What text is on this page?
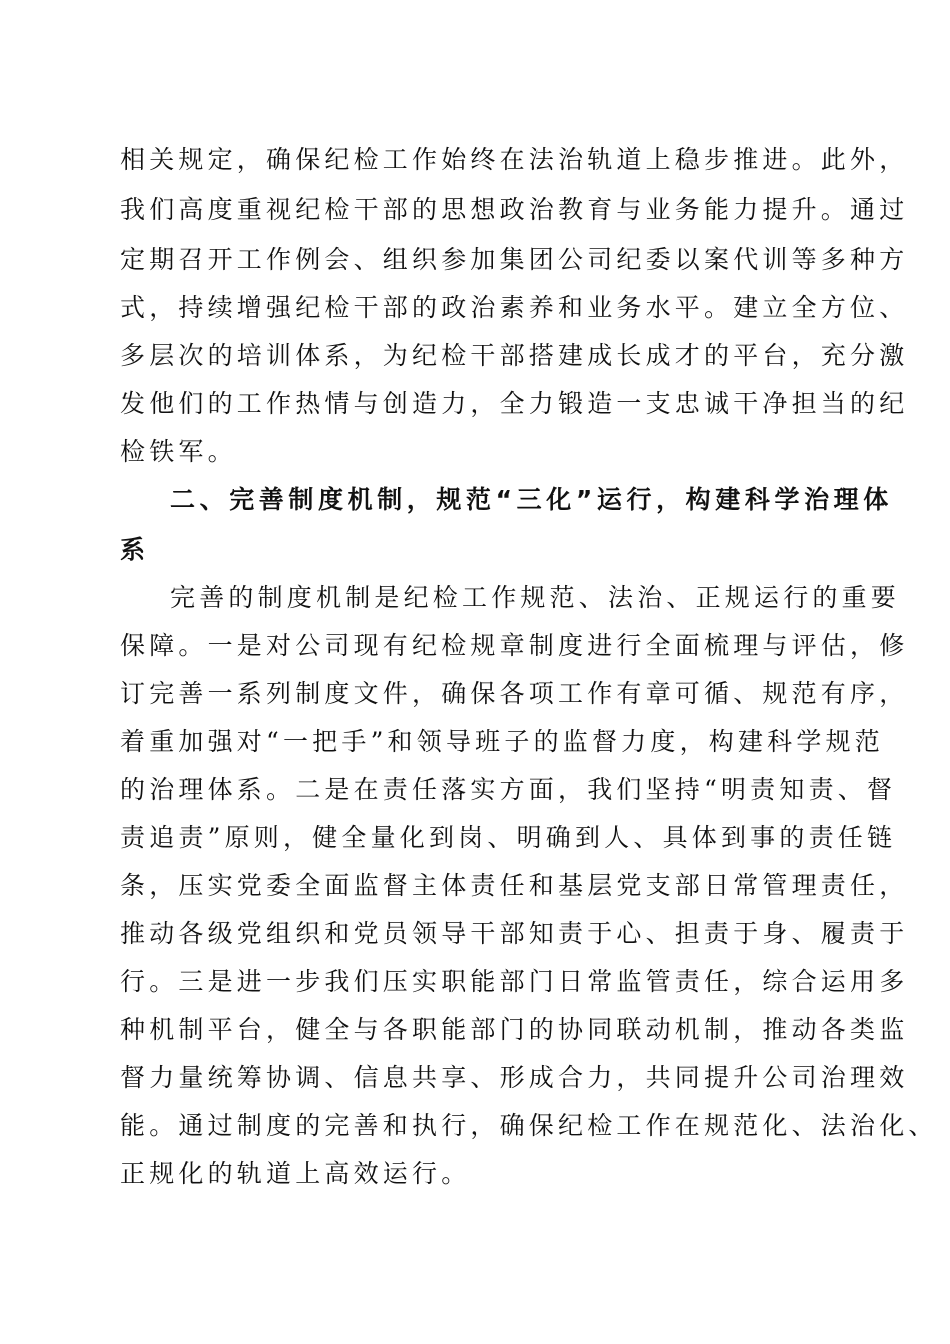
相关规定，确保纪检工作始终在法治轨道上稳步推进。此外，

我们高度重视纪检干部的思想政治教育与业务能力提升。通过

定期召开工作例会、组织参加集团公司纪委以案代训等多种方

式，持续增强纪检干部的政治素养和业务水平。建立全方位、

多层次的培训体系，为纪检干部搭建成长成才的平台，充分激

发他们的工作热情与创造力，全力锻造一支忠诚干净担当的纪

检铁军。

二、完善制度机制，规范“三化”运行，构建科学治理体

系

完善的制度机制是纪检工作规范、法治、正规运行的重要

保障。一是对公司现有纪检规章制度进行全面梳理与评估，修

订完善一系列制度文件，确保各项工作有章可循、规范有序，

着重加强对“一把手”和领导班子的监督力度，构建科学规范

的治理体系。二是在责任落实方面，我们坚持“明责知责、督

责追责”原则，健全量化到岗、明确到人、具体到事的责任链

条，压实党委全面监督主体责任和基层党支部日常管理责任，

推动各级党组织和党员领导干部知责于心、担责于身、履责于

行。三是进一步我们压实职能部门日常监管责任，综合运用多

种机制平台，健全与各职能部门的协同联动机制，推动各类监

督力量统筹协调、信息共享、形成合力，共同提升公司治理效

能。通过制度的完善和执行，确保纪检工作在规范化、法治化、

正规化的轨道上高效运行。
